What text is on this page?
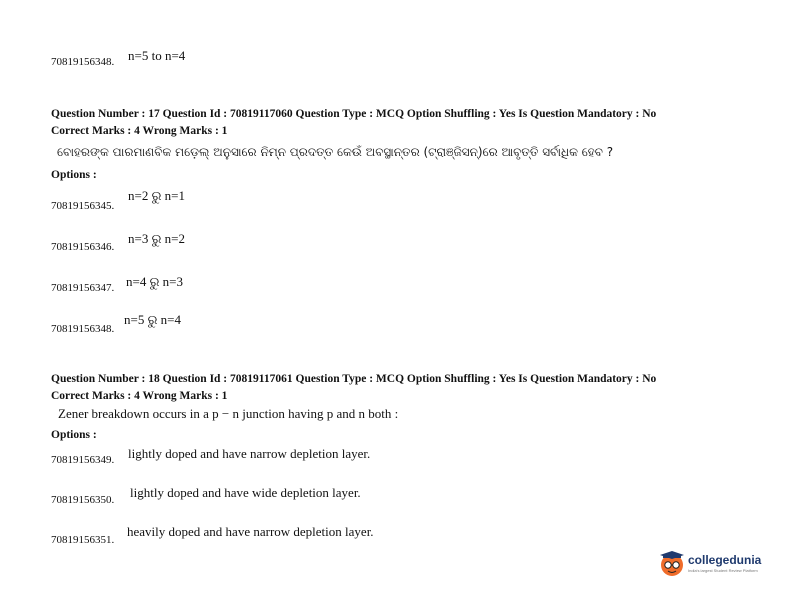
70819156348. n=5 to n=4
Question Number : 17 Question Id : 70819117060 Question Type : MCQ Option Shuffling : Yes Is Question Mandatory : No
Correct Marks : 4 Wrong Marks : 1
ବୋହରଙ୍କ ପାରମାଣବିକ ମଡ଼େଲ୍ ଅନୁସାରେ ନିମ୍ନ ପ୍ରଦତ୍ତ କେଉଁ ଅବସ୍ଥାନ୍ତର (ଟ୍ରାଞ୍ଜିସନ୍)ରେ ଆବୃତ୍ତି ସର୍ବାଧିକ ହେବ ?
Options :
70819156345.
n=2 ରୁ n=1
70819156346.
n=3 ରୁ n=2
70819156347. n=4 ରୁ n=3
70819156348.
n=5 ରୁ n=4
Question Number : 18 Question Id : 70819117061 Question Type : MCQ Option Shuffling : Yes Is Question Mandatory : No
Correct Marks : 4 Wrong Marks : 1
Zener breakdown occurs in a p − n junction having p and n both :
Options :
70819156349. lightly doped and have narrow depletion layer.
70819156350. lightly doped and have wide depletion layer.
70819156351.
heavily doped and have narrow depletion layer.
collegedunia
India's largest Student Review Platform
